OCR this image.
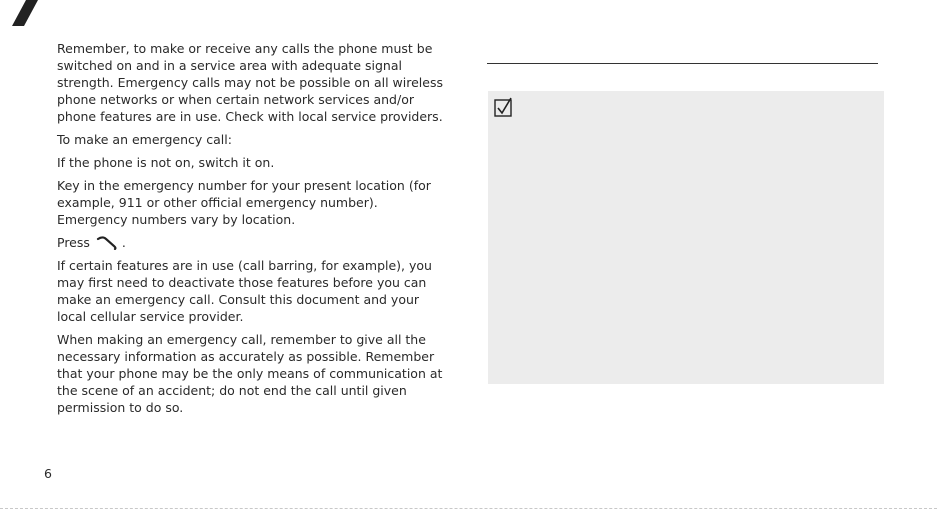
Remember, to make or receive any calls the phone must be switched on and in a service area with adequate signal strength. Emergency calls may not be possible on all wireless phone networks or when certain network services and/or phone features are in use. Check with local service providers.

To make an emergency call:

If the phone is not on, switch it on.

Key in the emergency number for your present location (for example, 911 or other official emergency number). Emergency numbers vary by location.

Press	.

If certain features are in use (call barring, for example), you may first need to deactivate those features before you can make an emergency call. Consult this document and your local cellular service provider.

When making an emergency call, remember to give all the necessary information as accurately as possible. Remember that your phone may be the only means of communication at the scene of an accident; do not end the call until given permission to do so.

6
